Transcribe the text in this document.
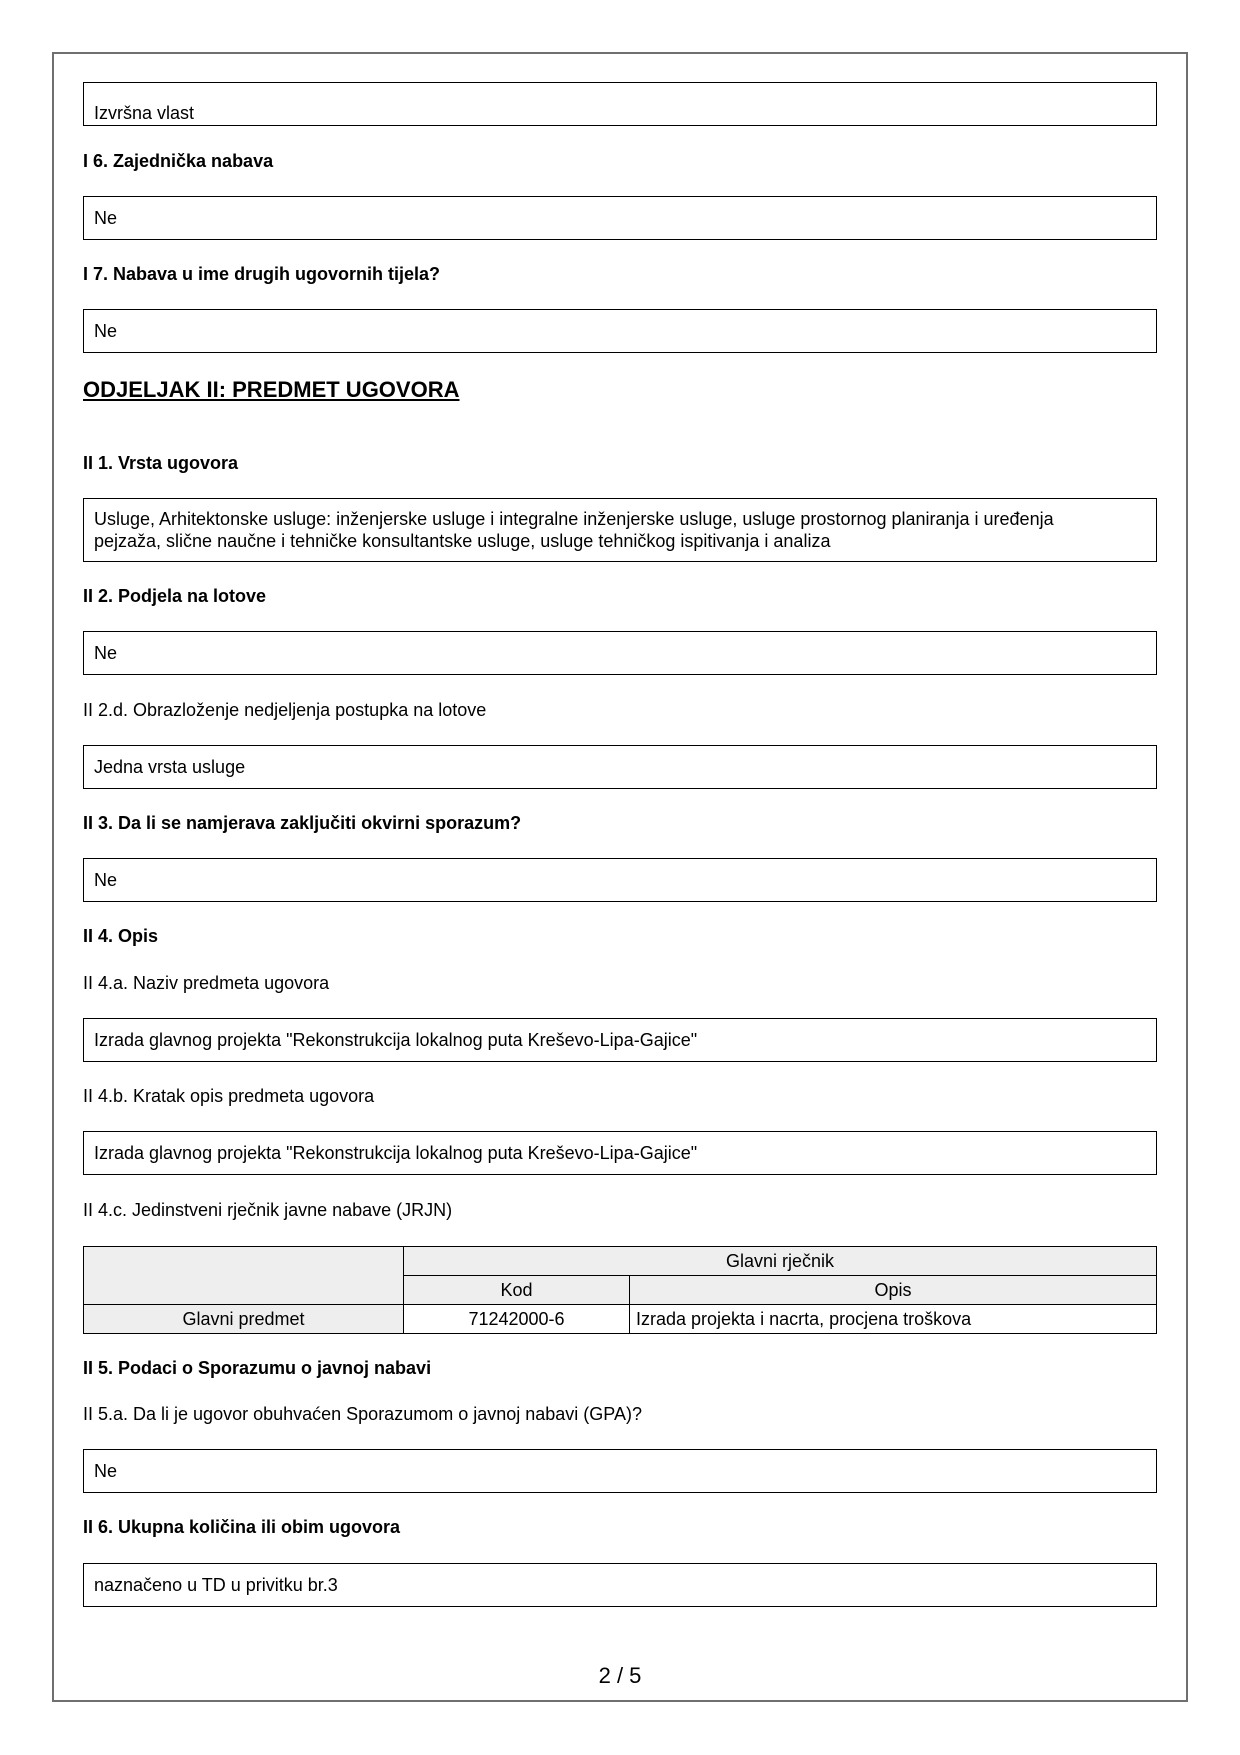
Izvršna vlast
I 6. Zajednička nabava
Ne
I 7. Nabava u ime drugih ugovornih tijela?
Ne
ODJELJAK II: PREDMET UGOVORA
II 1. Vrsta ugovora
Usluge, Arhitektonske usluge: inženjerske usluge i integralne inženjerske usluge, usluge prostornog planiranja i uređenja
pejzaža, slične naučne i tehničke konsultantske usluge, usluge tehničkog ispitivanja i analiza
II 2. Podjela na lotove
Ne
II 2.d. Obrazloženje nedjeljenja postupka na lotove
Jedna vrsta usluge
II 3. Da li se namjerava zaključiti okvirni sporazum?
Ne
II 4. Opis
II 4.a. Naziv predmeta ugovora
Izrada glavnog projekta "Rekonstrukcija lokalnog puta Kreševo-Lipa-Gajice"
II 4.b. Kratak opis predmeta ugovora
Izrada glavnog projekta "Rekonstrukcija lokalnog puta Kreševo-Lipa-Gajice"
II 4.c. Jedinstveni rječnik javne nabave (JRJN)
	Glavni rječnik	
	Kod	Opis
Glavni predmet	71242000-6	Izrada projekta i nacrta, procjena troškova
II 5. Podaci o Sporazumu o javnoj nabavi
II 5.a. Da li je ugovor obuhvaćen Sporazumom o javnoj nabavi (GPA)?
Ne
II 6. Ukupna količina ili obim ugovora
naznačeno u TD u privitku br.3
2 / 5
